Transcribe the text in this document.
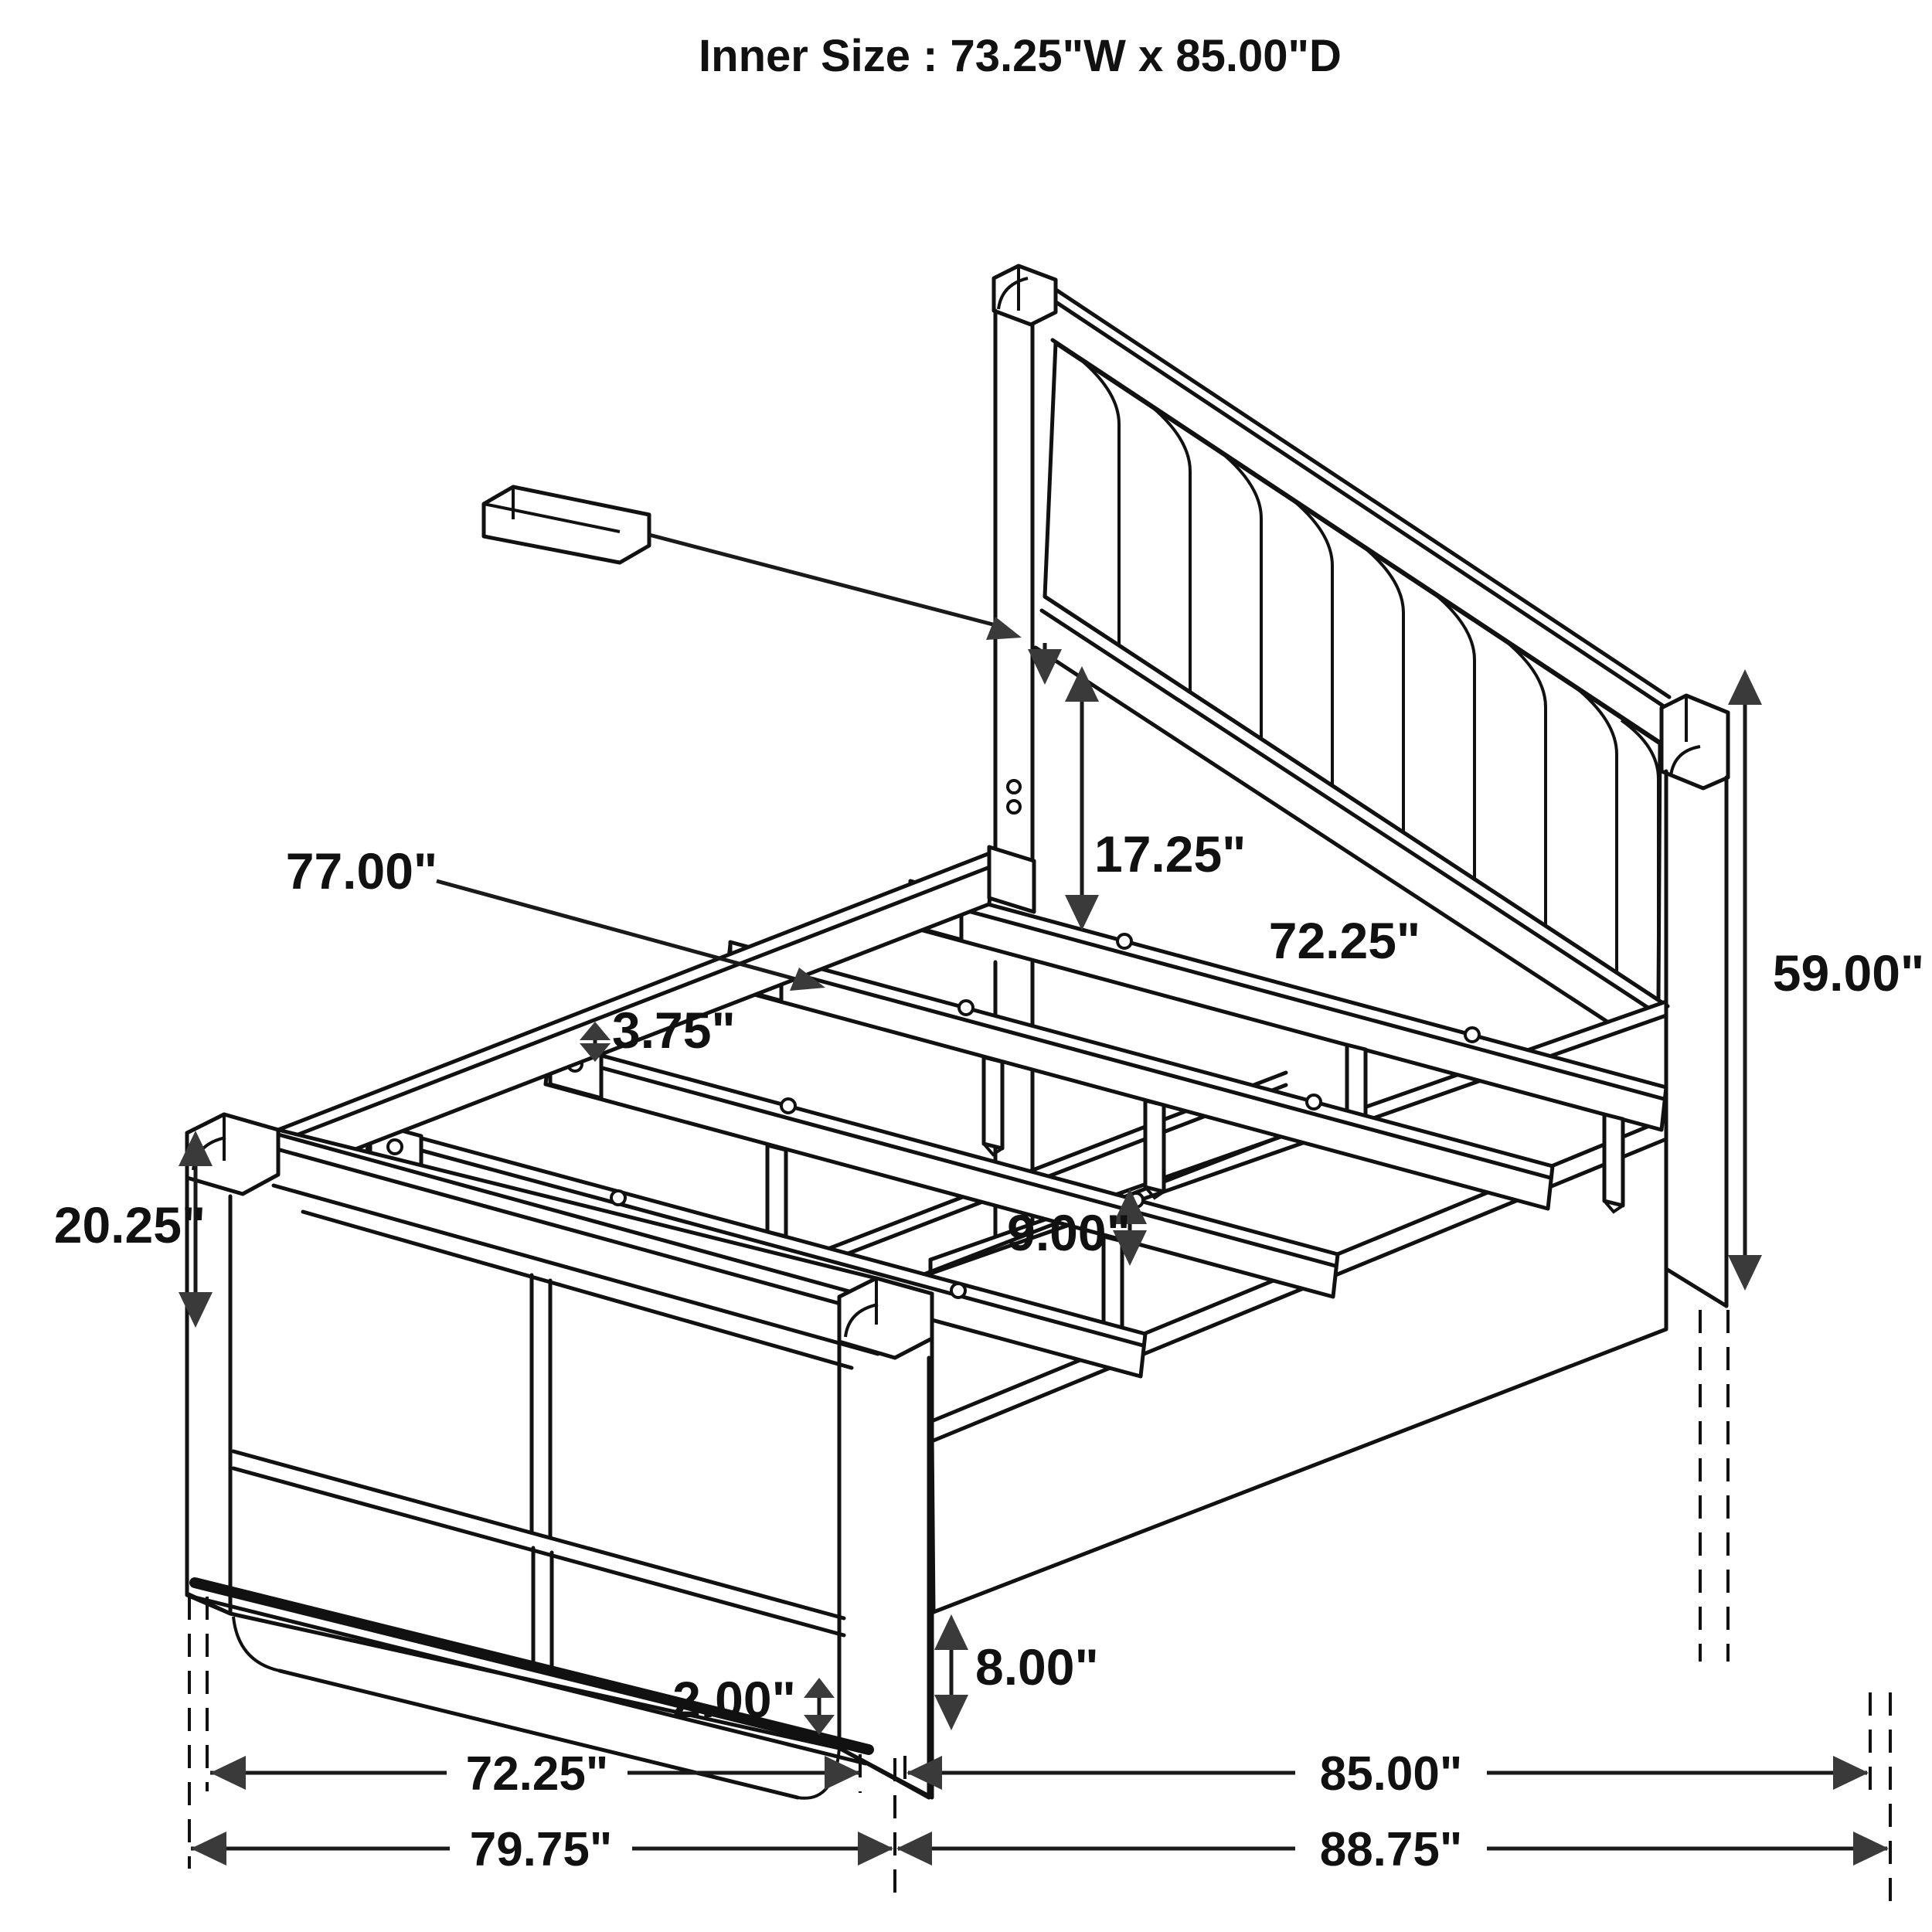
77.00"	17.25"
72.25"
59.00"
3.75"
20.25"	9.00"
8.00"
2.00"
72.25"	85.00"
79.75"	88.75"
Inner Size : 73.25"W x 85.00"D
